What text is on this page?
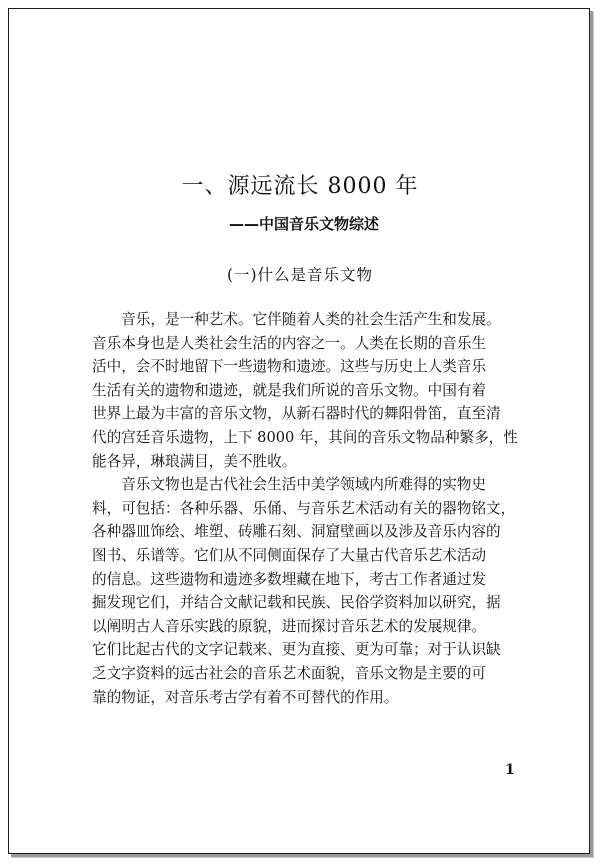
一、源远流长 8000 年
——中国音乐文物综述
(一)什么是音乐文物
音乐，是一种艺术。它伴随着人类的社会生活产生和发展。
音乐本身也是人类社会生活的内容之一。人类在长期的音乐生
活中，会不时地留下一些遗物和遗迹。这些与历史上人类音乐
生活有关的遗物和遗迹，就是我们所说的音乐文物。中国有着
世界上最为丰富的音乐文物，从新石器时代的舞阳骨笛，直至清
代的宫廷音乐遗物，上下 8000 年，其间的音乐文物品种繁多，性
能各异，琳琅满目，美不胜收。
音乐文物也是古代社会生活中美学领域内所难得的实物史
料，可包括：各种乐器、乐俑、与音乐艺术活动有关的器物铭文，
各种器皿饰绘、堆塑、砖雕石刻、洞窟壁画以及涉及音乐内容的
图书、乐谱等。它们从不同侧面保存了大量古代音乐艺术活动
的信息。这些遗物和遗迹多数埋藏在地下，考古工作者通过发
掘发现它们，并结合文献记载和民族、民俗学资料加以研究，据
以阐明古人音乐实践的原貌，进而探讨音乐艺术的发展规律。
它们比起古代的文字记载来、更为直接、更为可靠；对于认识缺
乏文字资料的远古社会的音乐艺术面貌，音乐文物是主要的可
靠的物证，对音乐考古学有着不可替代的作用。
1
